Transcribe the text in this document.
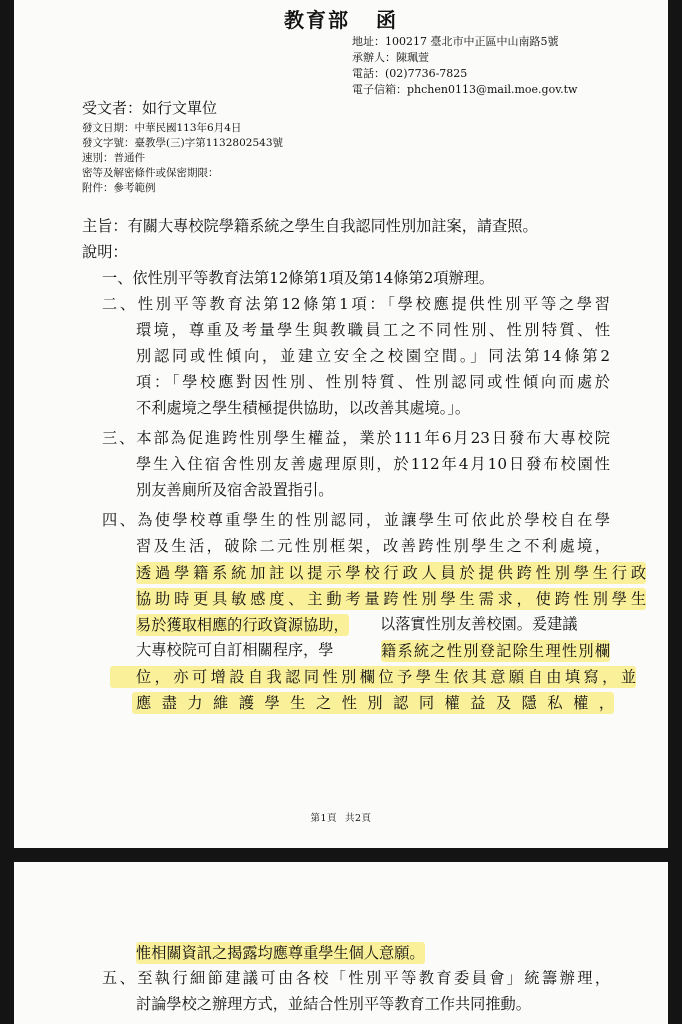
教育部 函
地址：100217 臺北市中正區中山南路5號
承辦人：陳珮萱
電話：(02)7736-7825
電子信箱：phchen0113@mail.moe.gov.tw
受文者：如行文單位
發文日期：中華民國113年6月4日
發文字號：臺教學(三)字第1132802543號
速別：普通件
密等及解密條件或保密期限：
附件：參考範例
主旨：有關大專校院學籍系統之學生自我認同性別加註案，請查照。
說明：
一、依性別平等教育法第12條第1項及第14條第2項辦理。
二、性別平等教育法第12條第1項：「學校應提供性別平等之學習
環境，尊重及考量學生與教職員工之不同性別、性別特質、性
別認同或性傾向，並建立安全之校園空間。」同法第14條第2
項：「學校應對因性別、性別特質、性別認同或性傾向而處於
不利處境之學生積極提供協助，以改善其處境。」。
三、本部為促進跨性別學生權益，業於111年6月23日發布大專校院
學生入住宿舍性別友善處理原則，於112年4月10日發布校園性
別友善廁所及宿舍設置指引。
四、為使學校尊重學生的性別認同，並讓學生可依此於學校自在學
習及生活，破除二元性別框架，改善跨性別學生之不利處境，
透過學籍系統加註以提示學校行政人員於提供跨性別學生行政
協助時更具敏感度、主動考量跨性別學生需求，使跨性別學生
易於獲取相應的行政資源協助， 以落實性別友善校園。爰建議
大專校院可自訂相關程序，學	籍系統之性別登記除生理性別欄
位，亦可增設自我認同性別欄位予學生依其意願自由填寫，並
應盡力維護學生之性別認同權益及隱私權，
第1頁 共2頁
惟相關資訊之揭露均應尊重學生個人意願。
五、至執行細節建議可由各校「性別平等教育委員會」統籌辦理，
討論學校之辦理方式，並結合性別平等教育工作共同推動。
